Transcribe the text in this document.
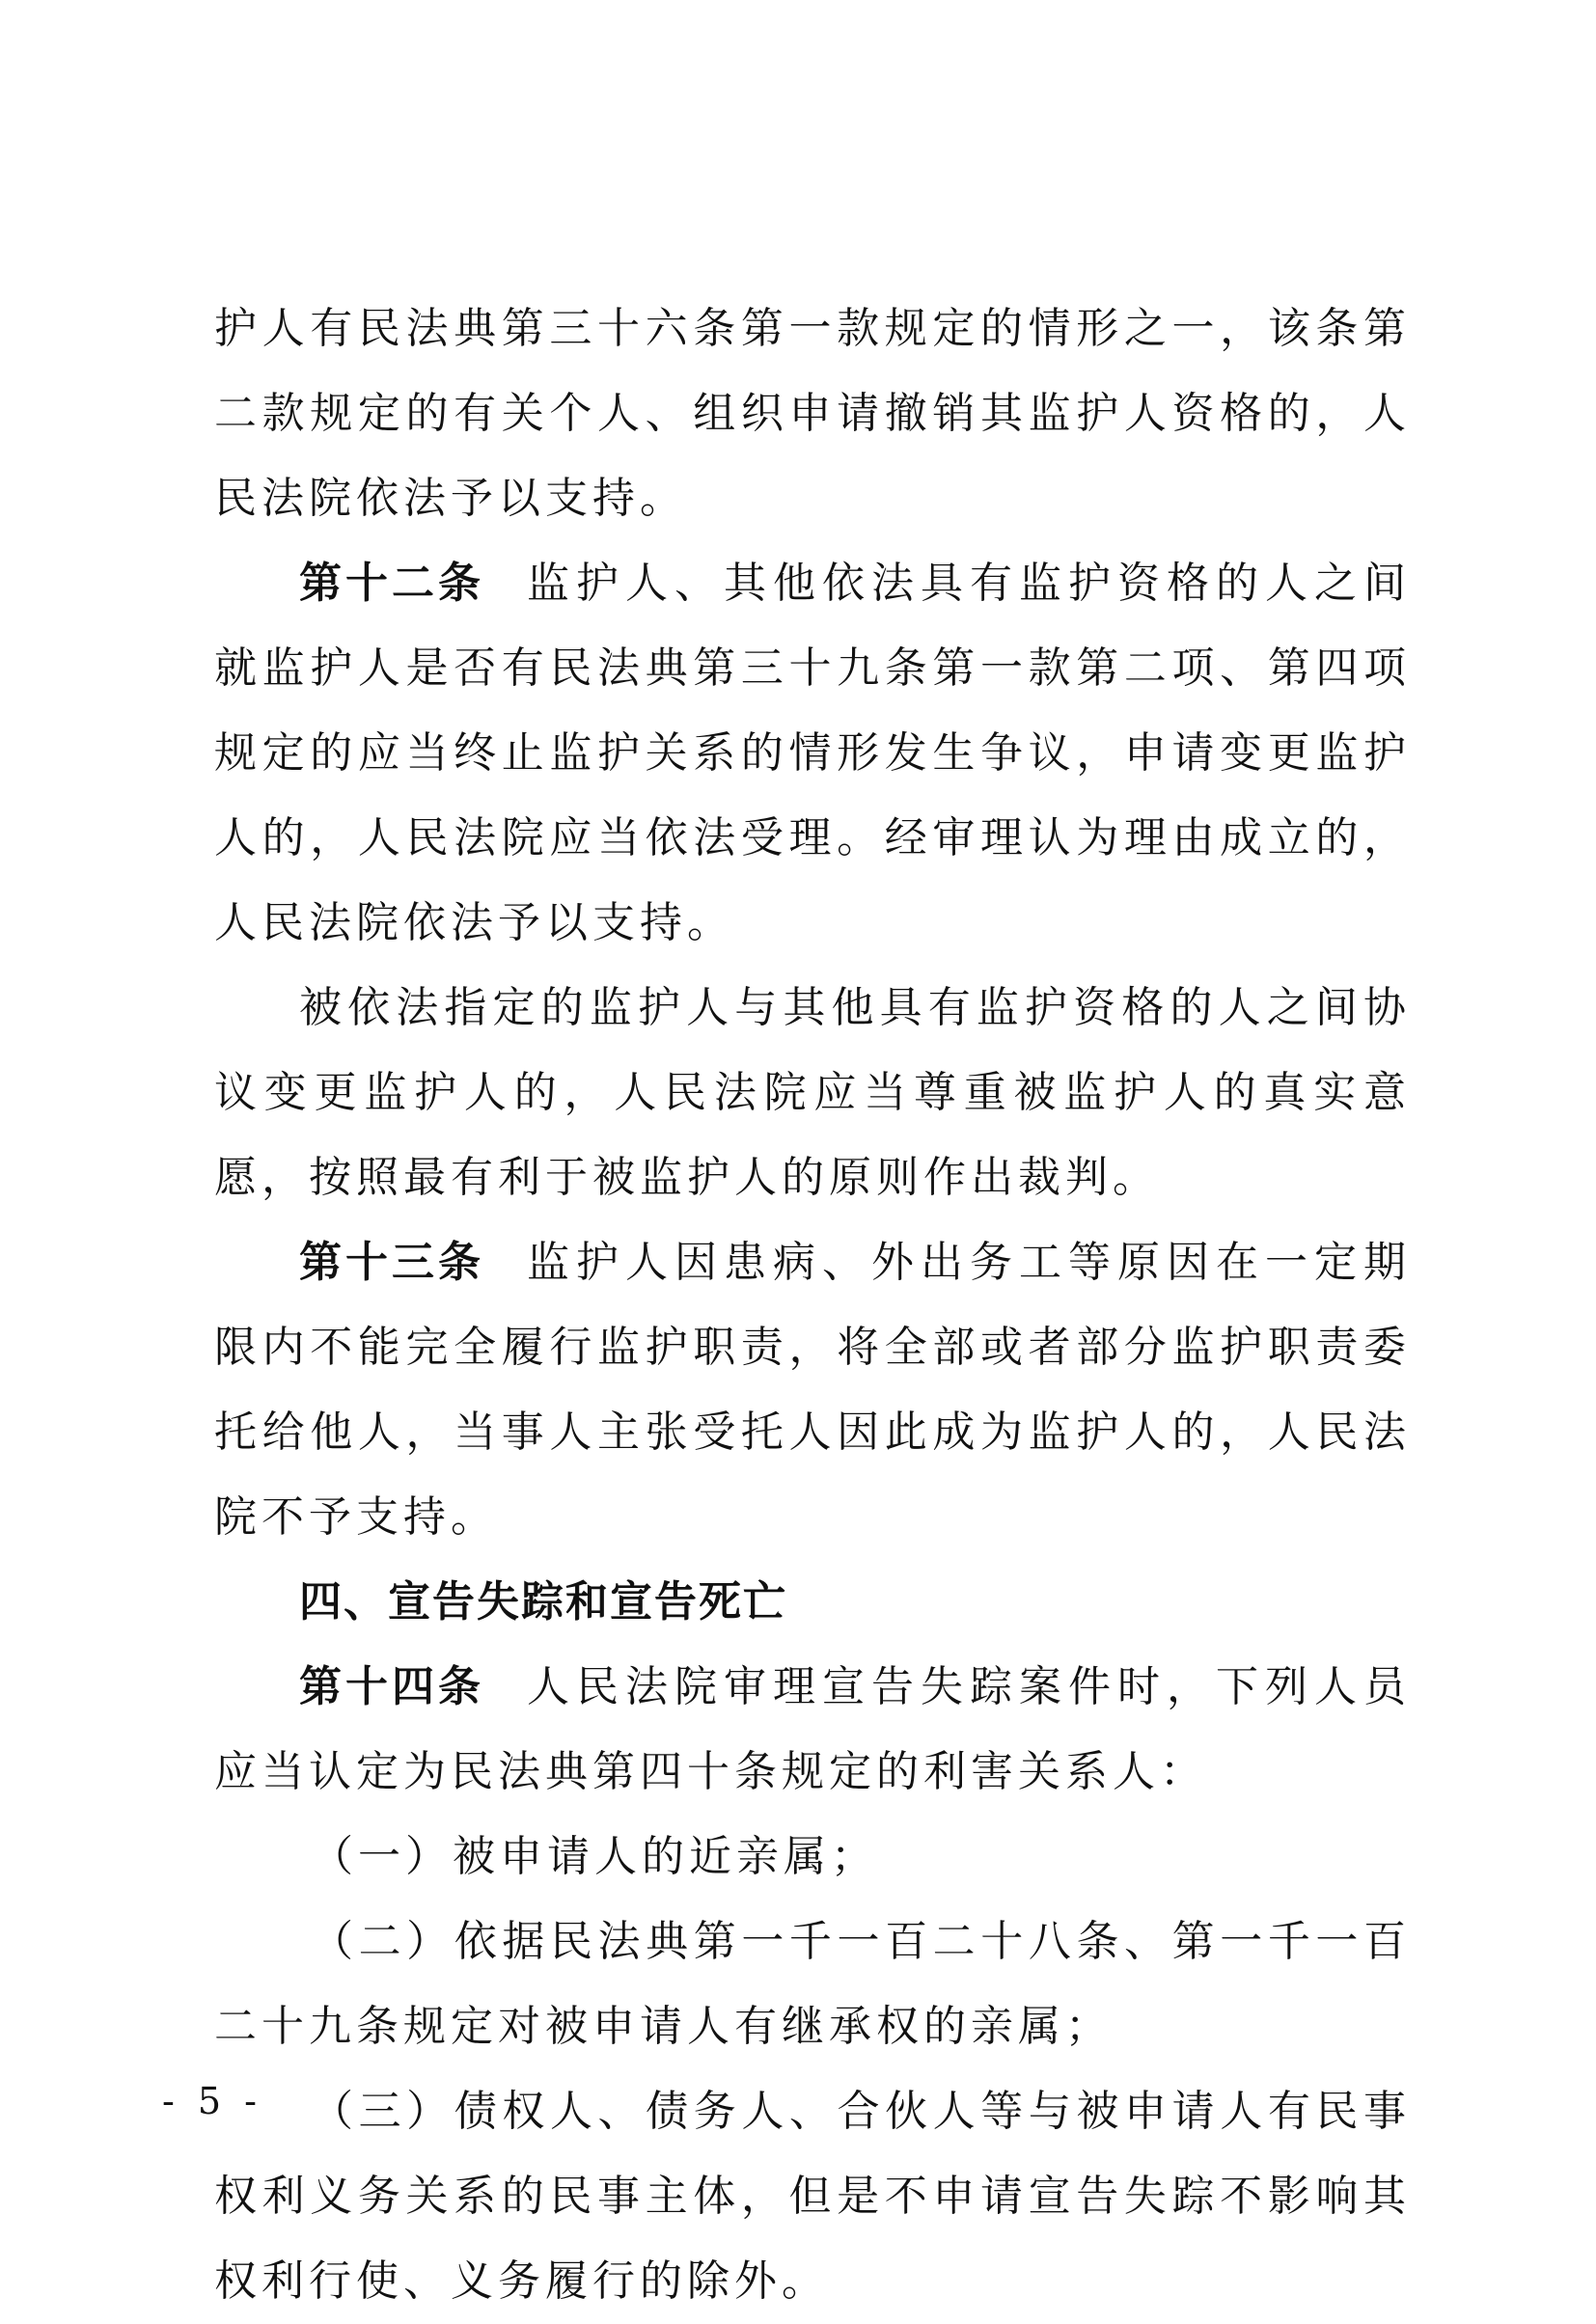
护人有民法典第三十六条第一款规定的情形之一，该条第二款规定的有关个人、组织申请撤销其监护人资格的，人民法院依法予以支持。

第十二条 监护人、其他依法具有监护资格的人之间就监护人是否有民法典第三十九条第一款第二项、第四项规定的应当终止监护关系的情形发生争议，申请变更监护人的，人民法院应当依法受理。经审理认为理由成立的，人民法院依法予以支持。

被依法指定的监护人与其他具有监护资格的人之间协议变更监护人的，人民法院应当尊重被监护人的真实意愿，按照最有利于被监护人的原则作出裁判。

第十三条 监护人因患病、外出务工等原因在一定期限内不能完全履行监护职责，将全部或者部分监护职责委托给他人，当事人主张受托人因此成为监护人的，人民法院不予支持。

四、宣告失踪和宣告死亡

第十四条 人民法院审理宣告失踪案件时，下列人员应当认定为民法典第四十条规定的利害关系人：

（一）被申请人的近亲属；

（二）依据民法典第一千一百二十八条、第一千一百二十九条规定对被申请人有继承权的亲属；

（三）债权人、债务人、合伙人等与被申请人有民事权利义务关系的民事主体，但是不申请宣告失踪不影响其权利行使、义务履行的除外。

- 5 -
